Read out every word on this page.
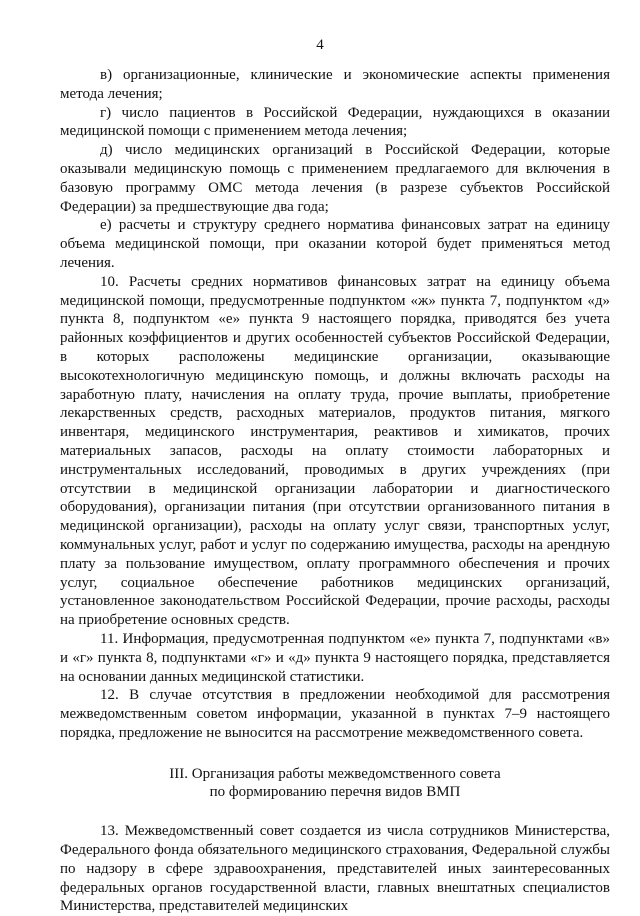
4

в) организационные, клинические и экономические аспекты применения метода лечения;

г) число пациентов в Российской Федерации, нуждающихся в оказании медицинской помощи с применением метода лечения;

д) число медицинских организаций в Российской Федерации, которые оказывали медицинскую помощь с применением предлагаемого для включения в базовую программу ОМС метода лечения (в разрезе субъектов Российской Федерации) за предшествующие два года;

е) расчеты и структуру среднего норматива финансовых затрат на единицу объема медицинской помощи, при оказании которой будет применяться метод лечения.

10. Расчеты средних нормативов финансовых затрат на единицу объема медицинской помощи, предусмотренные подпунктом «ж» пункта 7, подпунктом «д» пункта 8, подпунктом «е» пункта 9 настоящего порядка, приводятся без учета районных коэффициентов и других особенностей субъектов Российской Федерации, в которых расположены медицинские организации, оказывающие высокотехнологичную медицинскую помощь, и должны включать расходы на заработную плату, начисления на оплату труда, прочие выплаты, приобретение лекарственных средств, расходных материалов, продуктов питания, мягкого инвентаря, медицинского инструментария, реактивов и химикатов, прочих материальных запасов, расходы на оплату стоимости лабораторных и инструментальных исследований, проводимых в других учреждениях (при отсутствии в медицинской организации лаборатории и диагностического оборудования), организации питания (при отсутствии организованного питания в медицинской организации), расходы на оплату услуг связи, транспортных услуг, коммунальных услуг, работ и услуг по содержанию имущества, расходы на арендную плату за пользование имуществом, оплату программного обеспечения и прочих услуг, социальное обеспечение работников медицинских организаций, установленное законодательством Российской Федерации, прочие расходы, расходы на приобретение основных средств.

11. Информация, предусмотренная подпунктом «е» пункта 7, подпунктами «в» и «г» пункта 8, подпунктами «г» и «д» пункта 9 настоящего порядка, представляется на основании данных медицинской статистики.

12. В случае отсутствия в предложении необходимой для рассмотрения межведомственным советом информации, указанной в пунктах 7–9 настоящего порядка, предложение не выносится на рассмотрение межведомственного совета.

III. Организация работы межведомственного совета
по формированию перечня видов ВМП

13. Межведомственный совет создается из числа сотрудников Министерства, Федерального фонда обязательного медицинского страхования, Федеральной службы по надзору в сфере здравоохранения, представителей иных заинтересованных федеральных органов государственной власти, главных внештатных специалистов Министерства, представителей медицинских
